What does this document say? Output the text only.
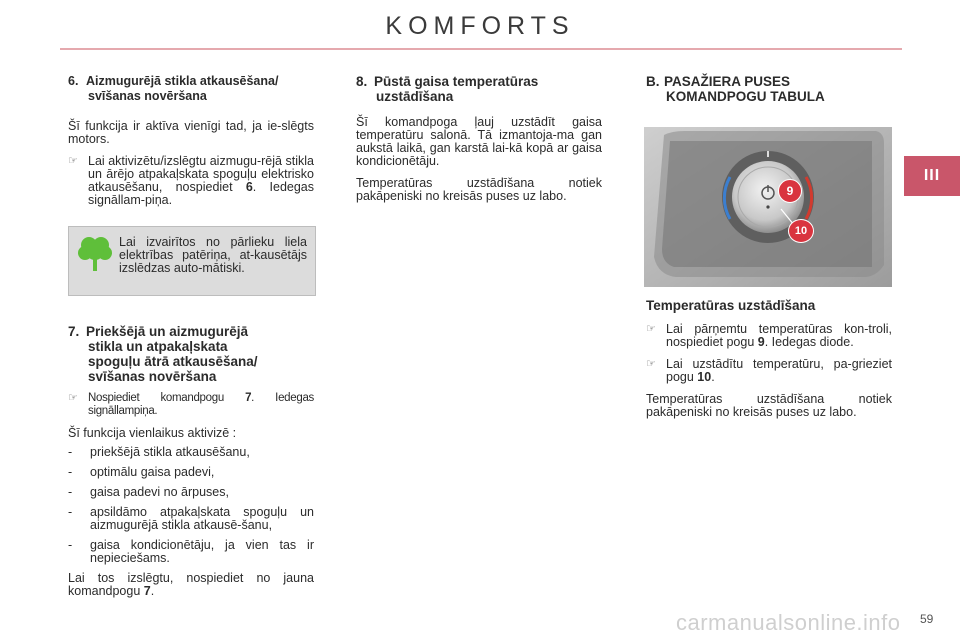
KOMFORTS
III
6. Aizmugurējā stikla atkausēšana/
svīšanas novēršana

Šī funkcija ir aktīva vienīgi tad, ja ie-slēgts motors.

☞ Lai aktivizētu/izslēgtu aizmugu-rējā stikla un ārējo atpakaļskata spoguļu elektrisko atkausēšanu, nospiediet 6. Iedegas signāllam-piņa.
Lai izvairītos no pārlieku liela elektrības patēriņa, at-kausētājs izslēdzas auto-mātiski.
7. Priekšējā un aizmugurējā
stikla un atpakaļskata
spoguļu ātrā atkausēšana/
svīšanas novēršana
☞ Nospiediet komandpogu 7. Iedegas signāllampiņa.

Šī funkcija vienlaikus aktivizē :

-	priekšējā stikla atkausēšanu,
-	optimālu gaisa padevi,
-	gaisa padevi no ārpuses,
-	apsildāmo atpakaļskata spoguļu un aizmugurējā stikla atkausē-šanu,
-	gaisa kondicionētāju, ja vien tas ir nepieciešams.

Lai tos izslēgtu, nospiediet no jauna komandpogu 7.

8. Pūstā gaisa temperatūras
uzstādīšana

Šī komandpoga ļauj uzstādīt gaisa temperatūru salonā. Tā izmantoja-ma gan aukstā laikā, gan karstā lai-kā kopā ar gaisa kondicionētāju.

Temperatūras uzstādīšana notiek pakāpeniski no kreisās puses uz labo.

B. PASAŽIERA PUSES
KOMANDPOGU TABULA
9
10
Temperatūras uzstādīšana
☞ Lai pārņemtu temperatūras kon-troli, nospiediet pogu 9. Iedegas diode.
☞ Lai uzstādītu temperatūru, pa-grieziet pogu 10.

Temperatūras uzstādīšana notiek pakāpeniski no kreisās puses uz labo.

carmanualsonline.info 59
